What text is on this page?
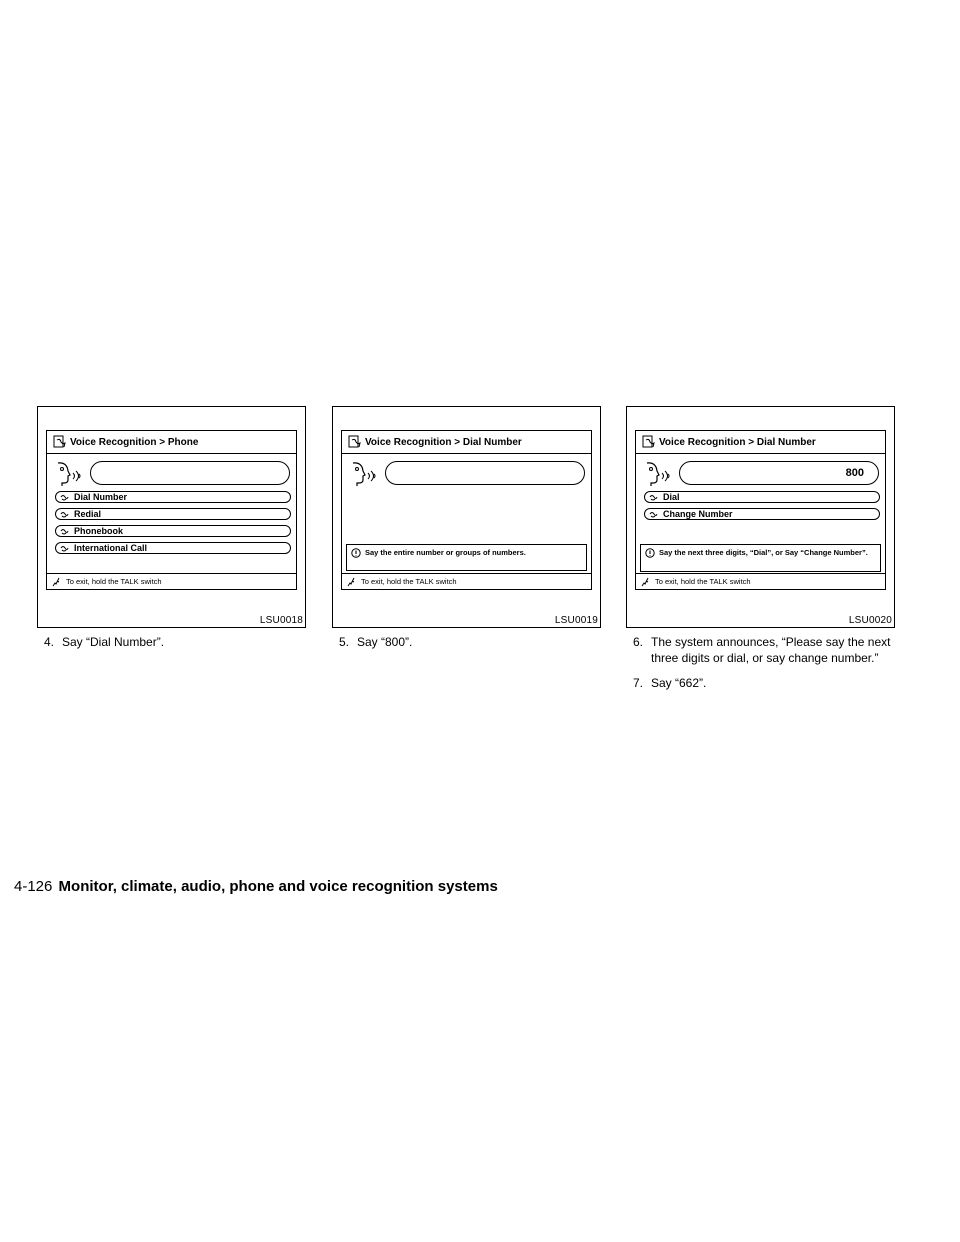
Voice Recognition > Phone
Dial Number
Redial
Phonebook
International Call
To exit, hold the TALK switch
LSU0018
Voice Recognition > Dial Number
Say the entire number or groups of numbers.
To exit, hold the TALK switch
LSU0019
Voice Recognition > Dial Number
800
Dial
Change Number
Say the next three digits, “Dial”, or Say “Change Number”.
To exit, hold the TALK switch
LSU0020
4. Say “Dial Number”.	5. Say “800”.	6. The system announces, “Please say the next
three digits or dial, or say change number.”
7. Say “662”.
4-126 Monitor, climate, audio, phone and voice recognition systems
